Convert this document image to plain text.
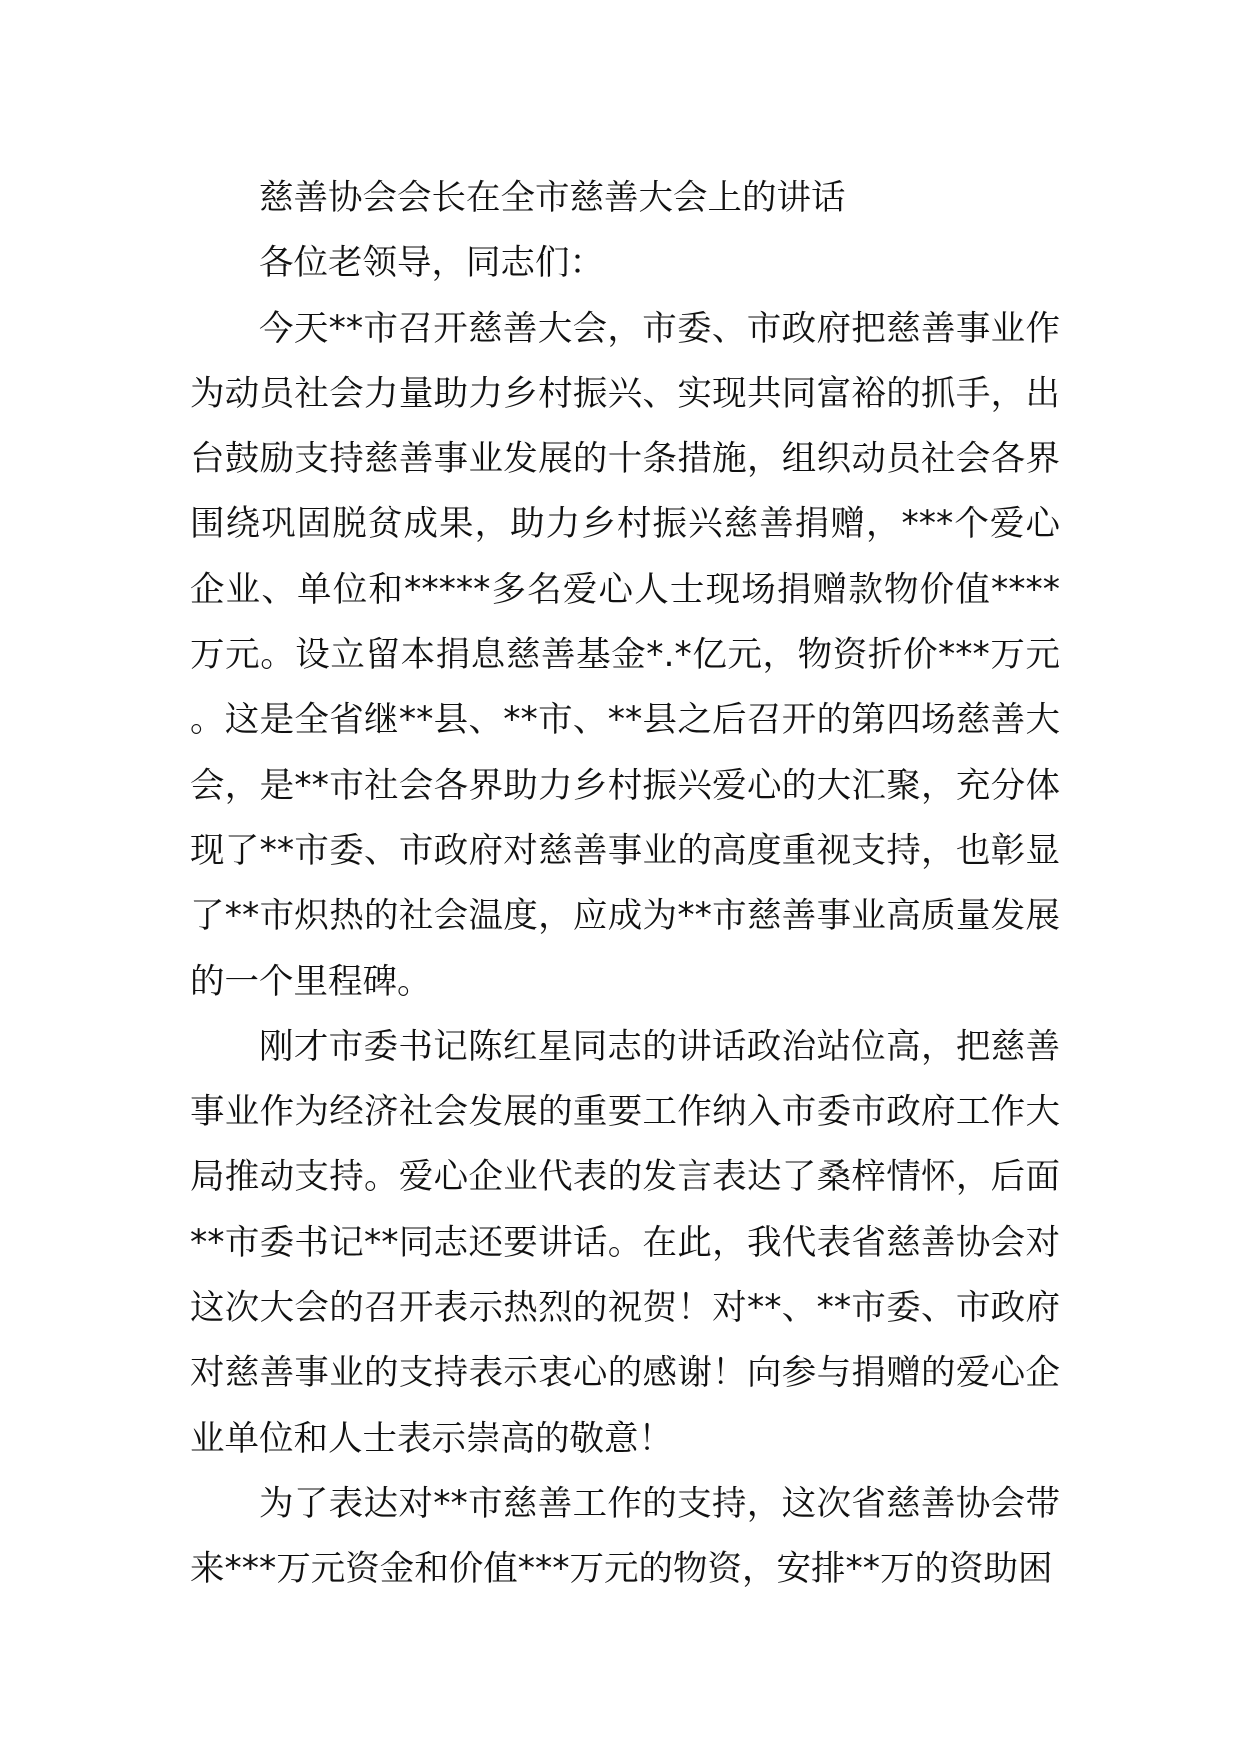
慈善协会会长在全市慈善大会上的讲话

各位老领导，同志们：

今天**市召开慈善大会，市委、市政府把慈善事业作为动员社会力量助力乡村振兴、实现共同富裕的抓手，出台鼓励支持慈善事业发展的十条措施，组织动员社会各界围绕巩固脱贫成果，助力乡村振兴慈善捐赠，***个爱心企业、单位和*****多名爱心人士现场捐赠款物价值****万元。设立留本捐息慈善基金*.*亿元，物资折价***万元。这是全省继**县、**市、**县之后召开的第四场慈善大会，是**市社会各界助力乡村振兴爱心的大汇聚，充分体现了**市委、市政府对慈善事业的高度重视支持，也彰显了**市炽热的社会温度，应成为**市慈善事业高质量发展的一个里程碑。

刚才市委书记陈红星同志的讲话政治站位高，把慈善事业作为经济社会发展的重要工作纳入市委市政府工作大局推动支持。爱心企业代表的发言表达了桑梓情怀，后面**市委书记**同志还要讲话。在此，我代表省慈善协会对这次大会的召开表示热烈的祝贺！对**、**市委、市政府对慈善事业的支持表示衷心的感谢！向参与捐赠的爱心企业单位和人士表示崇高的敬意！

为了表达对**市慈善工作的支持，这次省慈善协会带来***万元资金和价值***万元的物资，安排**万的资助困
